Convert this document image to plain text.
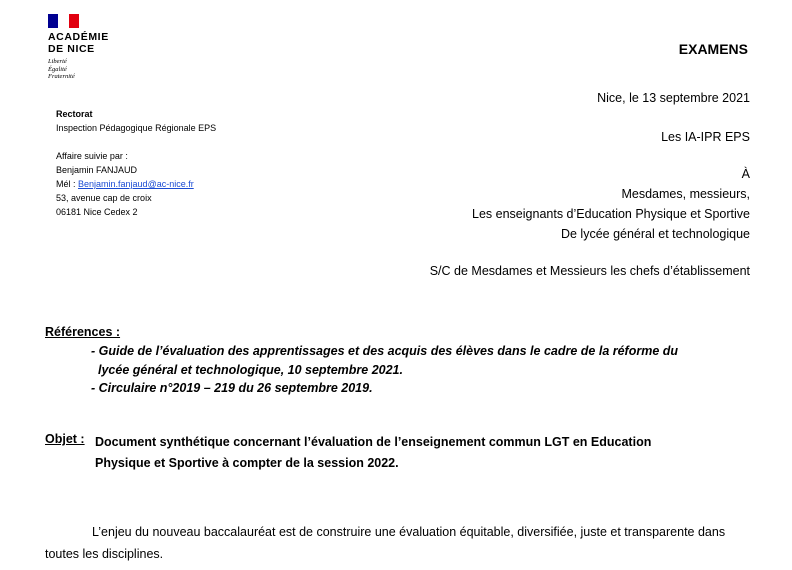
ACADÉMIE
DE NICE
Liberté
Égalité
Fraternité
EXAMENS
Rectorat
Inspection Pédagogique Régionale EPS
Affaire suivie par :
Benjamin FANJAUD
Mél : Benjamin.fanjaud@ac-nice.fr
53, avenue cap de croix
06181 Nice Cedex 2
Nice, le 13 septembre 2021
Les IA-IPR EPS
À
Mesdames, messieurs,
Les enseignants d’Education Physique et Sportive
De lycée général et technologique
S/C de Mesdames et Messieurs les chefs d’établissement
Références :
- Guide de l’évaluation des apprentissages et des acquis des élèves dans le cadre de la réforme du
lycée général et technologique, 10 septembre 2021.
- Circulaire n°2019 – 219 du 26 septembre 2019.
Objet : Document synthétique concernant l’évaluation de l’enseignement commun LGT en Education
Physique et Sportive à compter de la session 2022.
L’enjeu du nouveau baccalauréat est de construire une évaluation équitable, diversifiée, juste et transparente dans toutes les disciplines.
